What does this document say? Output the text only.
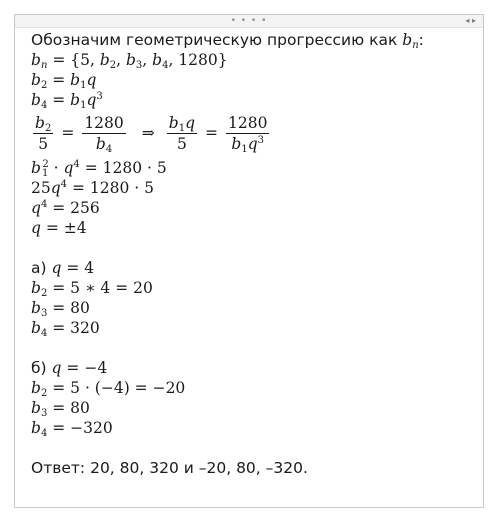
• • • •	◂ ▸
Обозначим геометрическую прогрессию как $b_n$:
$b_n = \{5$, $b_2$, $b_3$, $b_4$, 1280}
$b_2 = b_1q$
$b_4 = b_1q^3$
$\frac{b_2}{5} = \frac{1280}{b_4}$ ⇒ $\frac{b_1q}{5} = \frac{1280}{b_1q^3}$
$b_1^2 \cdot q^4 = 1280 \cdot 5$
$25q^4 = 1280 \cdot 5$
$q^4 = 256$
q = ±4
а) q = 4
$b_2 = 5$ ∗ 4 = 20
$b_3 = 80$
$b_4 = 320$
б) q = −4
$b_2 = 5 \cdot (-4) = -20$
$b_3 = 80$
$b_4 = -320$
Ответ: 20, 80, 320 и –20, 80, –320.
